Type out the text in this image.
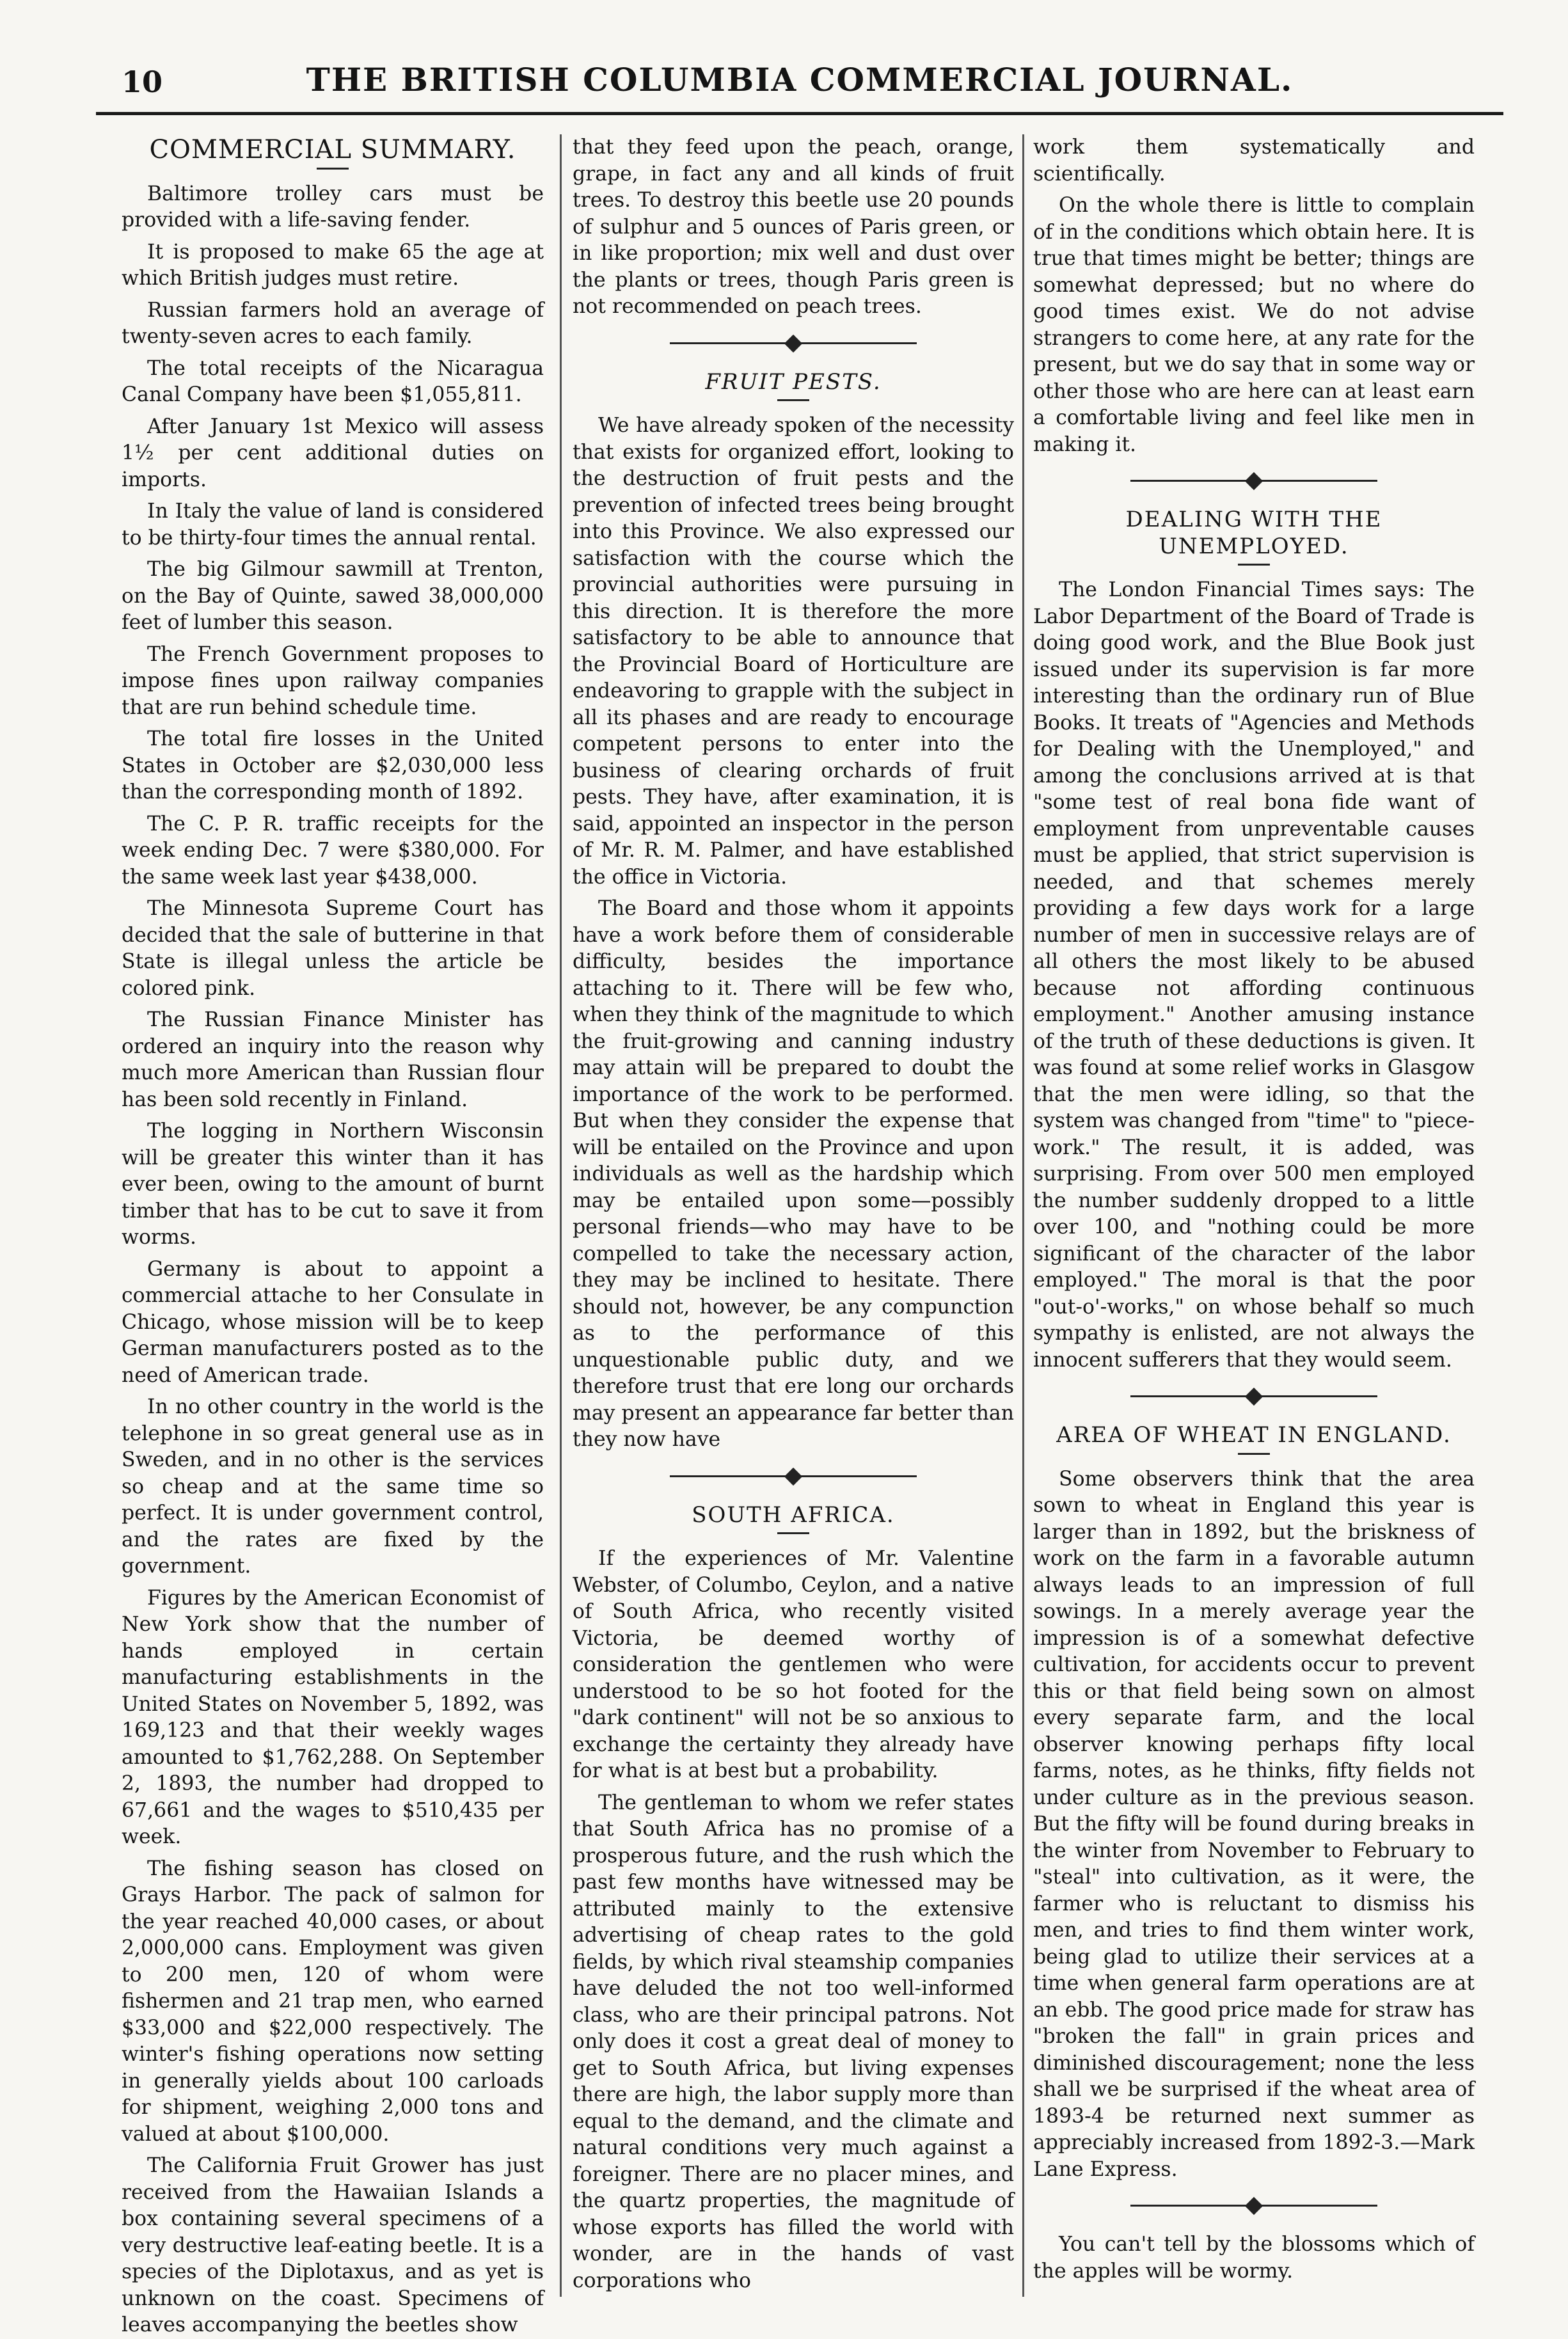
10	THE BRITISH COLUMBIA COMMERCIAL JOURNAL.
COMMERCIAL SUMMARY.

Baltimore trolley cars must be provided with a life-saving fender.

It is proposed to make 65 the age at which British judges must retire.

Russian farmers hold an average of twenty-seven acres to each family.

The total receipts of the Nicaragua Canal Company have been $1,055,811.

After January 1st Mexico will assess 1½ per cent additional duties on imports.

In Italy the value of land is considered to be thirty-four times the annual rental.

The big Gilmour sawmill at Trenton, on the Bay of Quinte, sawed 38,000,000 feet of lumber this season.

The French Government proposes to impose fines upon railway companies that are run behind schedule time.

The total fire losses in the United States in October are $2,030,000 less than the corresponding month of 1892.

The C. P. R. traffic receipts for the week ending Dec. 7 were $380,000. For the same week last year $438,000.

The Minnesota Supreme Court has decided that the sale of butterine in that State is illegal unless the article be colored pink.

The Russian Finance Minister has ordered an inquiry into the reason why much more American than Russian flour has been sold recently in Finland.

The logging in Northern Wisconsin will be greater this winter than it has ever been, owing to the amount of burnt timber that has to be cut to save it from worms.

Germany is about to appoint a commercial attache to her Consulate in Chicago, whose mission will be to keep German manufacturers posted as to the need of American trade.

In no other country in the world is the telephone in so great general use as in Sweden, and in no other is the services so cheap and at the same time so perfect. It is under government control, and the rates are fixed by the government.

Figures by the American Economist of New York show that the number of hands employed in certain manufacturing establishments in the United States on November 5, 1892, was 169,123 and that their weekly wages amounted to $1,762,288. On September 2, 1893, the number had dropped to 67,661 and the wages to $510,435 per week.

The fishing season has closed on Grays Harbor. The pack of salmon for the year reached 40,000 cases, or about 2,000,000 cans. Employment was given to 200 men, 120 of whom were fishermen and 21 trap men, who earned $33,000 and $22,000 respectively. The winter's fishing operations now setting in generally yields about 100 carloads for shipment, weighing 2,000 tons and valued at about $100,000.

The California Fruit Grower has just received from the Hawaiian Islands a box containing several specimens of a very destructive leaf-eating beetle. It is a species of the Diplotaxus, and as yet is unknown on the coast. Specimens of leaves accompanying the beetles show

that they feed upon the peach, orange, grape, in fact any and all kinds of fruit trees. To destroy this beetle use 20 pounds of sulphur and 5 ounces of Paris green, or in like proportion; mix well and dust over the plants or trees, though Paris green is not recommended on peach trees.

FRUIT PESTS.

We have already spoken of the necessity that exists for organized effort, looking to the destruction of fruit pests and the prevention of infected trees being brought into this Province. We also expressed our satisfaction with the course which the provincial authorities were pursuing in this direction. It is therefore the more satisfactory to be able to announce that the Provincial Board of Horticulture are endeavoring to grapple with the subject in all its phases and are ready to encourage competent persons to enter into the business of clearing orchards of fruit pests. They have, after examination, it is said, appointed an inspector in the person of Mr. R. M. Palmer, and have established the office in Victoria.

The Board and those whom it appoints have a work before them of considerable difficulty, besides the importance attaching to it. There will be few who, when they think of the magnitude to which the fruit-growing and canning industry may attain will be prepared to doubt the importance of the work to be performed. But when they consider the expense that will be entailed on the Province and upon individuals as well as the hardship which may be entailed upon some—possibly personal friends—who may have to be compelled to take the necessary action, they may be inclined to hesitate. There should not, however, be any compunction as to the performance of this unquestionable public duty, and we therefore trust that ere long our orchards may present an appearance far better than they now have

SOUTH AFRICA.

If the experiences of Mr. Valentine Webster, of Columbo, Ceylon, and a native of South Africa, who recently visited Victoria, be deemed worthy of consideration the gentlemen who were understood to be so hot footed for the "dark continent" will not be so anxious to exchange the certainty they already have for what is at best but a probability.

The gentleman to whom we refer states that South Africa has no promise of a prosperous future, and the rush which the past few months have witnessed may be attributed mainly to the extensive advertising of cheap rates to the gold fields, by which rival steamship companies have deluded the not too well-informed class, who are their principal patrons. Not only does it cost a great deal of money to get to South Africa, but living expenses there are high, the labor supply more than equal to the demand, and the climate and natural conditions very much against a foreigner. There are no placer mines, and the quartz properties, the magnitude of whose exports has filled the world with wonder, are in the hands of vast corporations who

work them systematically and scientifically.

On the whole there is little to complain of in the conditions which obtain here. It is true that times might be better; things are somewhat depressed; but no where do good times exist. We do not advise strangers to come here, at any rate for the present, but we do say that in some way or other those who are here can at least earn a comfortable living and feel like men in making it.

DEALING WITH THE UNEMPLOYED.

The London Financial Times says: The Labor Department of the Board of Trade is doing good work, and the Blue Book just issued under its supervision is far more interesting than the ordinary run of Blue Books. It treats of "Agencies and Methods for Dealing with the Unemployed," and among the conclusions arrived at is that "some test of real bona fide want of employment from unpreventable causes must be applied, that strict supervision is needed, and that schemes merely providing a few days work for a large number of men in successive relays are of all others the most likely to be abused because not affording continuous employment." Another amusing instance of the truth of these deductions is given. It was found at some relief works in Glasgow that the men were idling, so that the system was changed from "time" to "piece-work." The result, it is added, was surprising. From over 500 men employed the number suddenly dropped to a little over 100, and "nothing could be more significant of the character of the labor employed." The moral is that the poor "out-o'-works," on whose behalf so much sympathy is enlisted, are not always the innocent sufferers that they would seem.

AREA OF WHEAT IN ENGLAND.

Some observers think that the area sown to wheat in England this year is larger than in 1892, but the briskness of work on the farm in a favorable autumn always leads to an impression of full sowings. In a merely average year the impression is of a somewhat defective cultivation, for accidents occur to prevent this or that field being sown on almost every separate farm, and the local observer knowing perhaps fifty local farms, notes, as he thinks, fifty fields not under culture as in the previous season. But the fifty will be found during breaks in the winter from November to February to "steal" into cultivation, as it were, the farmer who is reluctant to dismiss his men, and tries to find them winter work, being glad to utilize their services at a time when general farm operations are at an ebb. The good price made for straw has "broken the fall" in grain prices and diminished discouragement; none the less shall we be surprised if the wheat area of 1893-4 be returned next summer as appreciably increased from 1892-3.—Mark Lane Express.

You can't tell by the blossoms which of the apples will be wormy.
